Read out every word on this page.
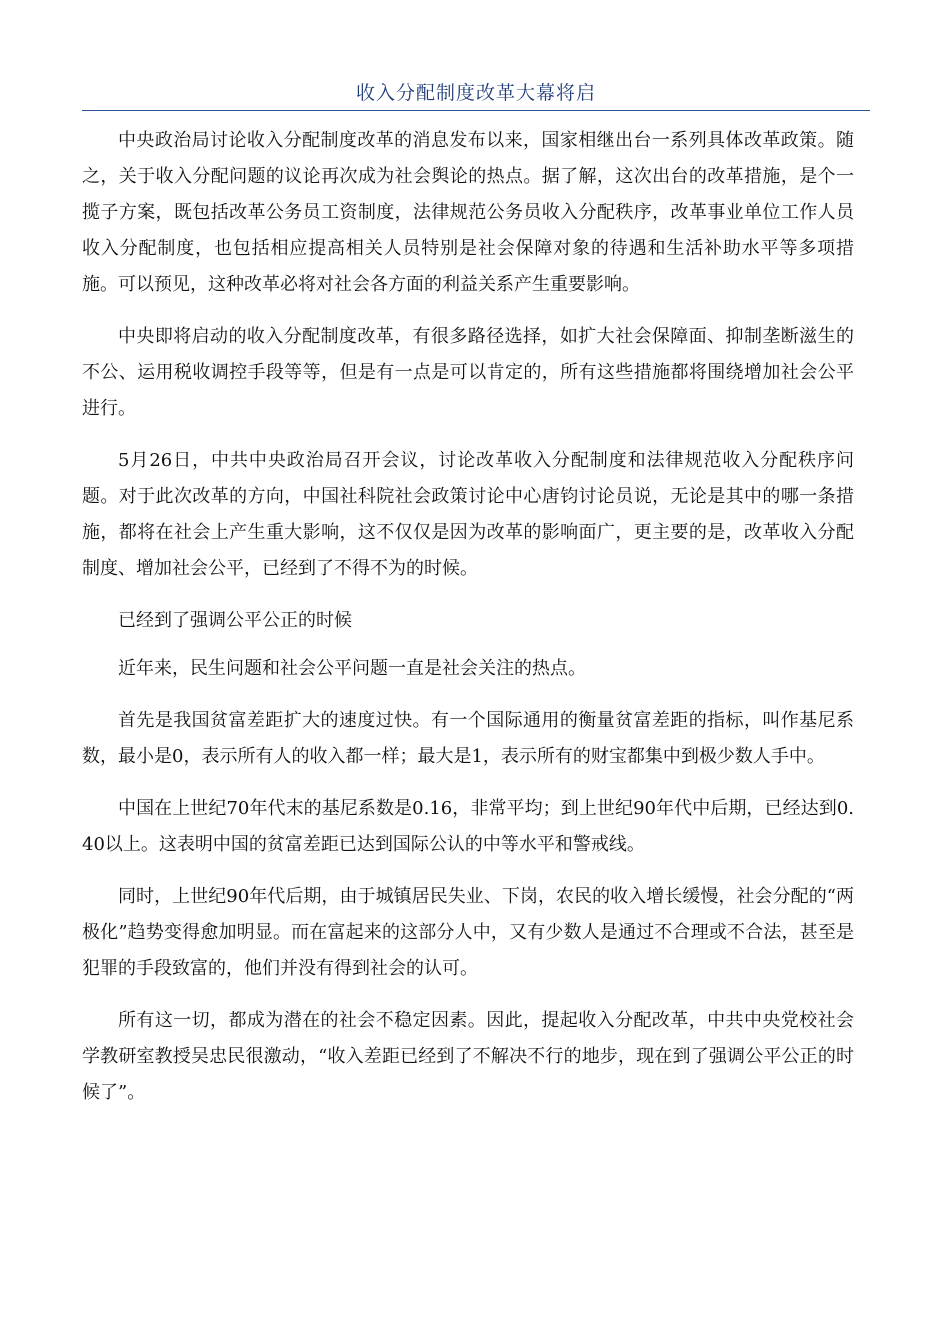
收入分配制度改革大幕将启

中央政治局讨论收入分配制度改革的消息发布以来，国家相继出台一系列具体改革政策。随之，关于收入分配问题的议论再次成为社会舆论的热点。据了解，这次出台的改革措施，是个一揽子方案，既包括改革公务员工资制度，法律规范公务员收入分配秩序，改革事业单位工作人员收入分配制度，也包括相应提高相关人员特别是社会保障对象的待遇和生活补助水平等多项措施。可以预见，这种改革必将对社会各方面的利益关系产生重要影响。

中央即将启动的收入分配制度改革，有很多路径选择，如扩大社会保障面、抑制垄断滋生的不公、运用税收调控手段等等，但是有一点是可以肯定的，所有这些措施都将围绕增加社会公平进行。

5月26日，中共中央政治局召开会议，讨论改革收入分配制度和法律规范收入分配秩序问题。对于此次改革的方向，中国社科院社会政策讨论中心唐钧讨论员说，无论是其中的哪一条措施，都将在社会上产生重大影响，这不仅仅是因为改革的影响面广，更主要的是，改革收入分配制度、增加社会公平，已经到了不得不为的时候。

已经到了强调公平公正的时候

近年来，民生问题和社会公平问题一直是社会关注的热点。

首先是我国贫富差距扩大的速度过快。有一个国际通用的衡量贫富差距的指标，叫作基尼系数，最小是0，表示所有人的收入都一样；最大是1，表示所有的财宝都集中到极少数人手中。

中国在上世纪70年代末的基尼系数是0.16，非常平均；到上世纪90年代中后期，已经达到0.40以上。这表明中国的贫富差距已达到国际公认的中等水平和警戒线。

同时，上世纪90年代后期，由于城镇居民失业、下岗，农民的收入增长缓慢，社会分配的“两极化”趋势变得愈加明显。而在富起来的这部分人中，又有少数人是通过不合理或不合法，甚至是犯罪的手段致富的，他们并没有得到社会的认可。

所有这一切，都成为潜在的社会不稳定因素。因此，提起收入分配改革，中共中央党校社会学教研室教授吴忠民很激动，“收入差距已经到了不解决不行的地步，现在到了强调公平公正的时候了”。
